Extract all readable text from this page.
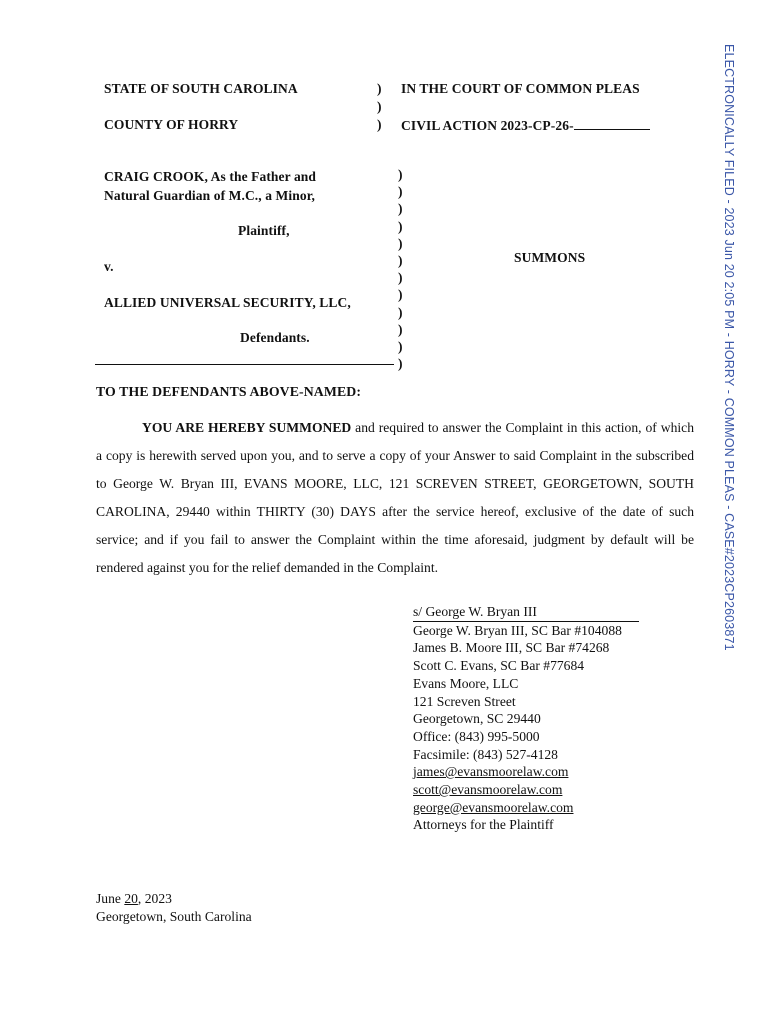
ELECTRONICALLY FILED - 2023 Jun 20 2:05 PM - HORRY - COMMON PLEAS - CASE#2023CP2603871
STATE OF SOUTH CAROLINA
COUNTY OF HORRY
)
)
)
IN THE COURT OF COMMON PLEAS
CIVIL ACTION 2023-CP-26-
CRAIG CROOK, As the Father and
Natural Guardian of M.C., a Minor,
Plaintiff,
v.
ALLIED UNIVERSAL SECURITY, LLC,
Defendants.
)
)
)
)
)
)
)
)
)
)
)
)
SUMMONS
TO THE DEFENDANTS ABOVE-NAMED:
YOU ARE HEREBY SUMMONED and required to answer the Complaint in this action, of which a copy is herewith served upon you, and to serve a copy of your Answer to said Complaint in the subscribed to George W. Bryan III, EVANS MOORE, LLC, 121 SCREVEN STREET, GEORGETOWN, SOUTH CAROLINA, 29440 within THIRTY (30) DAYS after the service hereof, exclusive of the date of such service; and if you fail to answer the Complaint within the time aforesaid, judgment by default will be rendered against you for the relief demanded in the Complaint.
s/ George W. Bryan III
George W. Bryan III, SC Bar #104088
James B. Moore III, SC Bar #74268
Scott C. Evans, SC Bar #77684
Evans Moore, LLC
121 Screven Street
Georgetown, SC 29440
Office: (843) 995-5000
Facsimile: (843) 527-4128
james@evansmoorelaw.com
scott@evansmoorelaw.com
george@evansmoorelaw.com
Attorneys for the Plaintiff
June 20, 2023
Georgetown, South Carolina
